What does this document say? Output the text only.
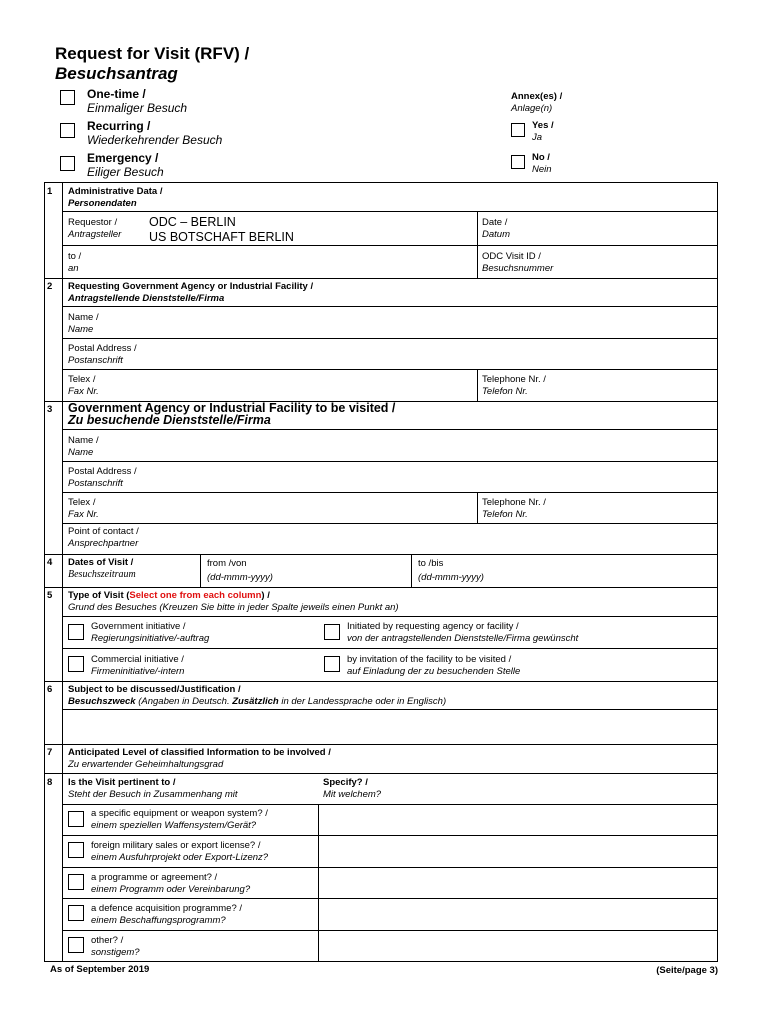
Request for Visit (RFV) /
Besuchsantrag
One-time /
Einmaliger Besuch
Recurring /
Wiederkehrender Besuch
Emergency /
Eiliger Besuch
Annex(es) /
Anlage(n)
Yes /
Ja
No /
Nein
1 Administrative Data /
Personendaten
Requestor /
Antragsteller
ODC – BERLIN
US BOTSCHAFT BERLIN
Date /
Datum
to /
an
ODC Visit ID /
Besuchsnummer
2 Requesting Government Agency or Industrial Facility /
Antragstellende Dienststelle/Firma
Name /
Name
Postal Address /
Postanschrift
Telex /
Fax Nr.
Telephone Nr. /
Telefon Nr.
3 Government Agency or Industrial Facility to be visited /
Zu besuchende Dienststelle/Firma
Name /
Name
Postal Address /
Postanschrift
Telex /
Fax Nr.
Telephone Nr. /
Telefon Nr.
Point of contact /
Ansprechpartner
4 Dates of Visit /
Besuchszeitraum
from /von
(dd-mmm-yyyy)
to /bis
(dd-mmm-yyyy)
5 Type of Visit (Select one from each column) /
Grund des Besuches (Kreuzen Sie bitte in jeder Spalte jeweils einen Punkt an)
Government initiative /
Regierungsinitiative/-auftrag
Initiated by requesting agency or facility /
von der antragstellenden Dienststelle/Firma gewünscht
Commercial initiative /
Firmeninitiative/-intern
by invitation of the facility to be visited /
auf Einladung der zu besuchenden Stelle
6 Subject to be discussed/Justification /
Besuchszweck (Angaben in Deutsch. Zusätzlich in der Landessprache oder in Englisch)
7 Anticipated Level of classified Information to be involved /
Zu erwartender Geheimhaltungsgrad
8 Is the Visit pertinent to /
Steht der Besuch in Zusammenhang mit
Specify? /
Mit welchem?
a specific equipment or weapon system? /
einem speziellen Waffensystem/Gerät?
foreign military sales or export license? /
einem Ausfuhrprojekt oder Export-Lizenz?
a programme or agreement? /
einem Programm oder Vereinbarung?
a defence acquisition programme? /
einem Beschaffungsprogramm?
other? /
sonstigem?
As of September 2019	(Seite/page 3)
